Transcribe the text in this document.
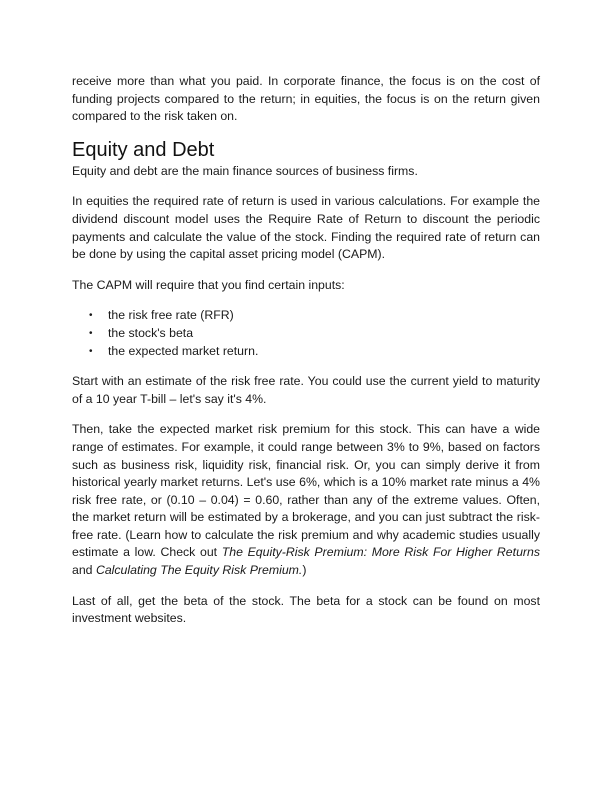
receive more than what you paid. In corporate finance, the focus is on the cost of funding projects compared to the return; in equities, the focus is on the return given compared to the risk taken on.

Equity and Debt

Equity and debt are the main finance sources of business firms.

In equities the required rate of return is used in various calculations. For example the dividend discount model uses the Require Rate of Return to discount the periodic payments and calculate the value of the stock. Finding the required rate of return can be done by using the capital asset pricing model (CAPM).

The CAPM will require that you find certain inputs:

• the risk free rate (RFR)
• the stock's beta
• the expected market return.

Start with an estimate of the risk free rate. You could use the current yield to maturity of a 10 year T-bill – let's say it's 4%.

Then, take the expected market risk premium for this stock. This can have a wide range of estimates. For example, it could range between 3% to 9%, based on factors such as business risk, liquidity risk, financial risk. Or, you can simply derive it from historical yearly market returns. Let's use 6%, which is a 10% market rate minus a 4% risk free rate, or (0.10 – 0.04) = 0.60, rather than any of the extreme values. Often, the market return will be estimated by a brokerage, and you can just subtract the risk-free rate. (Learn how to calculate the risk premium and why academic studies usually estimate a low. Check out The Equity-Risk Premium: More Risk For Higher Returns and Calculating The Equity Risk Premium.)

Last of all, get the beta of the stock. The beta for a stock can be found on most investment websites.
